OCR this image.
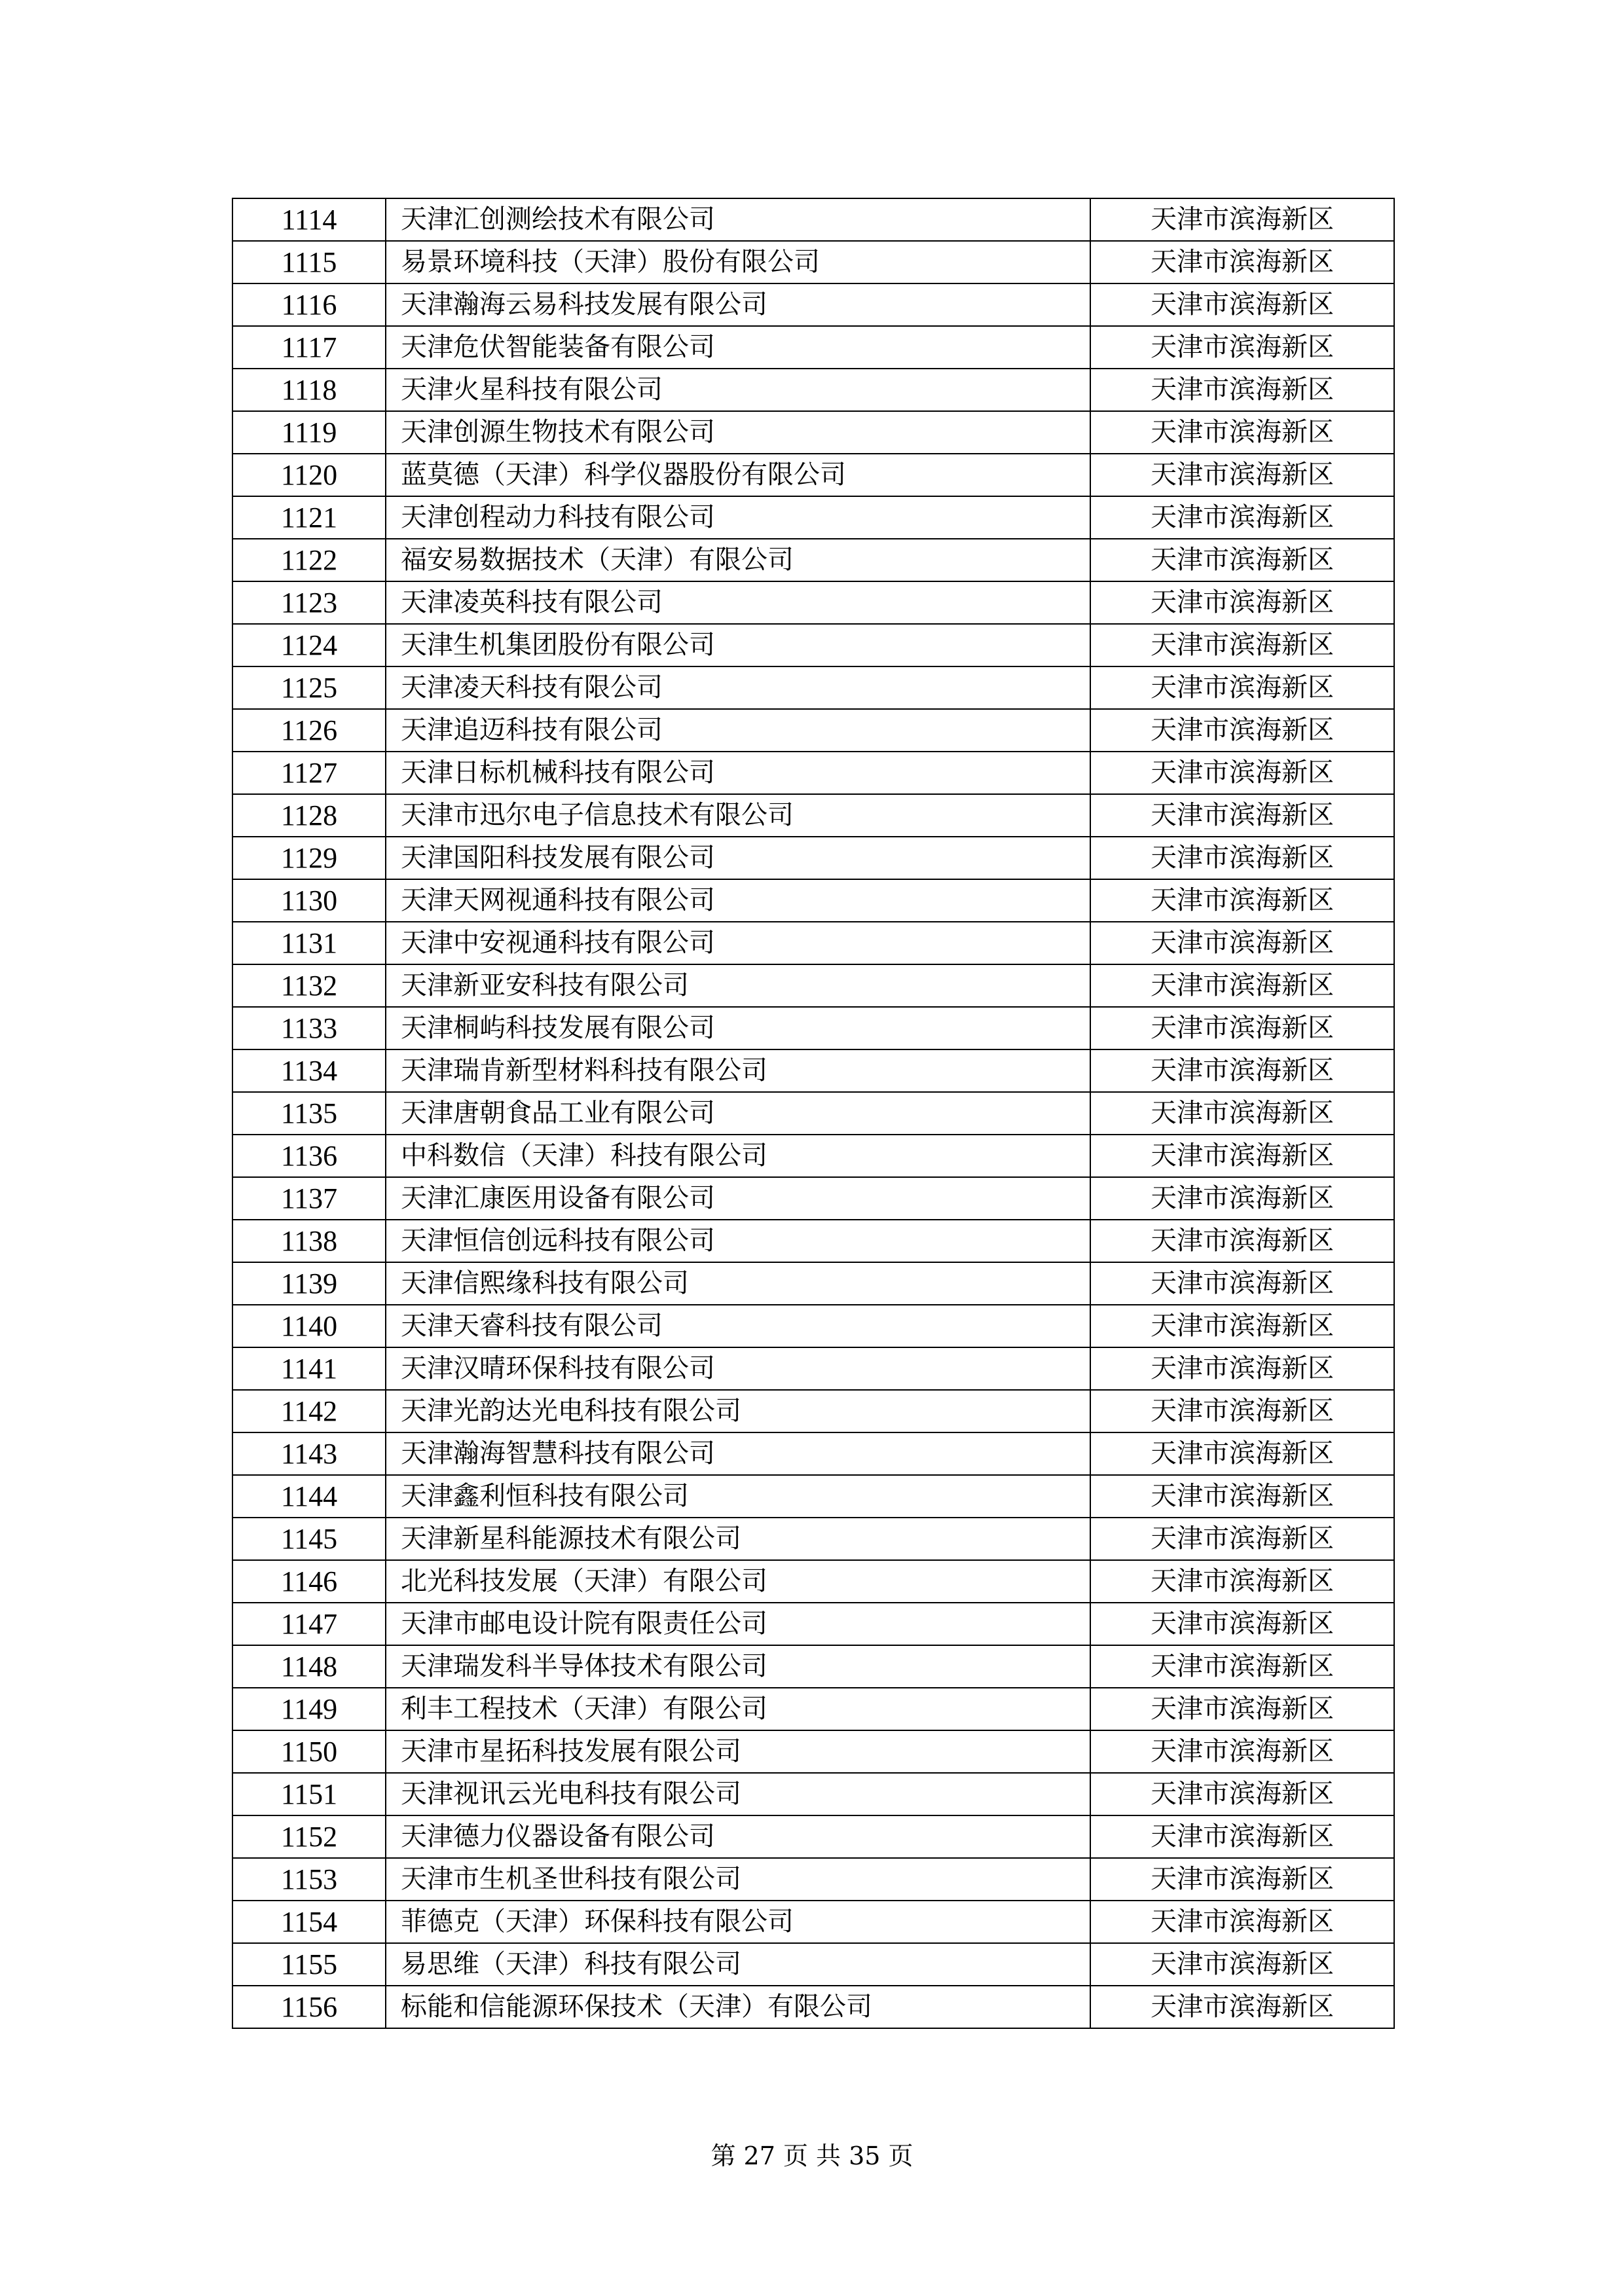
1114	天津汇创测绘技术有限公司	天津市滨海新区
1115	易景环境科技（天津）股份有限公司	天津市滨海新区
1116	天津瀚海云易科技发展有限公司	天津市滨海新区
1117	天津危伏智能装备有限公司	天津市滨海新区
1118	天津火星科技有限公司	天津市滨海新区
1119	天津创源生物技术有限公司	天津市滨海新区
1120	蓝莫德（天津）科学仪器股份有限公司	天津市滨海新区
1121	天津创程动力科技有限公司	天津市滨海新区
1122	福安易数据技术（天津）有限公司	天津市滨海新区
1123	天津凌英科技有限公司	天津市滨海新区
1124	天津生机集团股份有限公司	天津市滨海新区
1125	天津凌天科技有限公司	天津市滨海新区
1126	天津追迈科技有限公司	天津市滨海新区
1127	天津日标机械科技有限公司	天津市滨海新区
1128	天津市迅尔电子信息技术有限公司	天津市滨海新区
1129	天津国阳科技发展有限公司	天津市滨海新区
1130	天津天网视通科技有限公司	天津市滨海新区
1131	天津中安视通科技有限公司	天津市滨海新区
1132	天津新亚安科技有限公司	天津市滨海新区
1133	天津桐屿科技发展有限公司	天津市滨海新区
1134	天津瑞肯新型材料科技有限公司	天津市滨海新区
1135	天津唐朝食品工业有限公司	天津市滨海新区
1136	中科数信（天津）科技有限公司	天津市滨海新区
1137	天津汇康医用设备有限公司	天津市滨海新区
1138	天津恒信创远科技有限公司	天津市滨海新区
1139	天津信熙缘科技有限公司	天津市滨海新区
1140	天津天睿科技有限公司	天津市滨海新区
1141	天津汉晴环保科技有限公司	天津市滨海新区
1142	天津光韵达光电科技有限公司	天津市滨海新区
1143	天津瀚海智慧科技有限公司	天津市滨海新区
1144	天津鑫利恒科技有限公司	天津市滨海新区
1145	天津新星科能源技术有限公司	天津市滨海新区
1146	北光科技发展（天津）有限公司	天津市滨海新区
1147	天津市邮电设计院有限责任公司	天津市滨海新区
1148	天津瑞发科半导体技术有限公司	天津市滨海新区
1149	利丰工程技术（天津）有限公司	天津市滨海新区
1150	天津市星拓科技发展有限公司	天津市滨海新区
1151	天津视讯云光电科技有限公司	天津市滨海新区
1152	天津德力仪器设备有限公司	天津市滨海新区
1153	天津市生机圣世科技有限公司	天津市滨海新区
1154	菲德克（天津）环保科技有限公司	天津市滨海新区
1155	易思维（天津）科技有限公司	天津市滨海新区
1156	标能和信能源环保技术（天津）有限公司	天津市滨海新区
第 27 页 共 35 页
